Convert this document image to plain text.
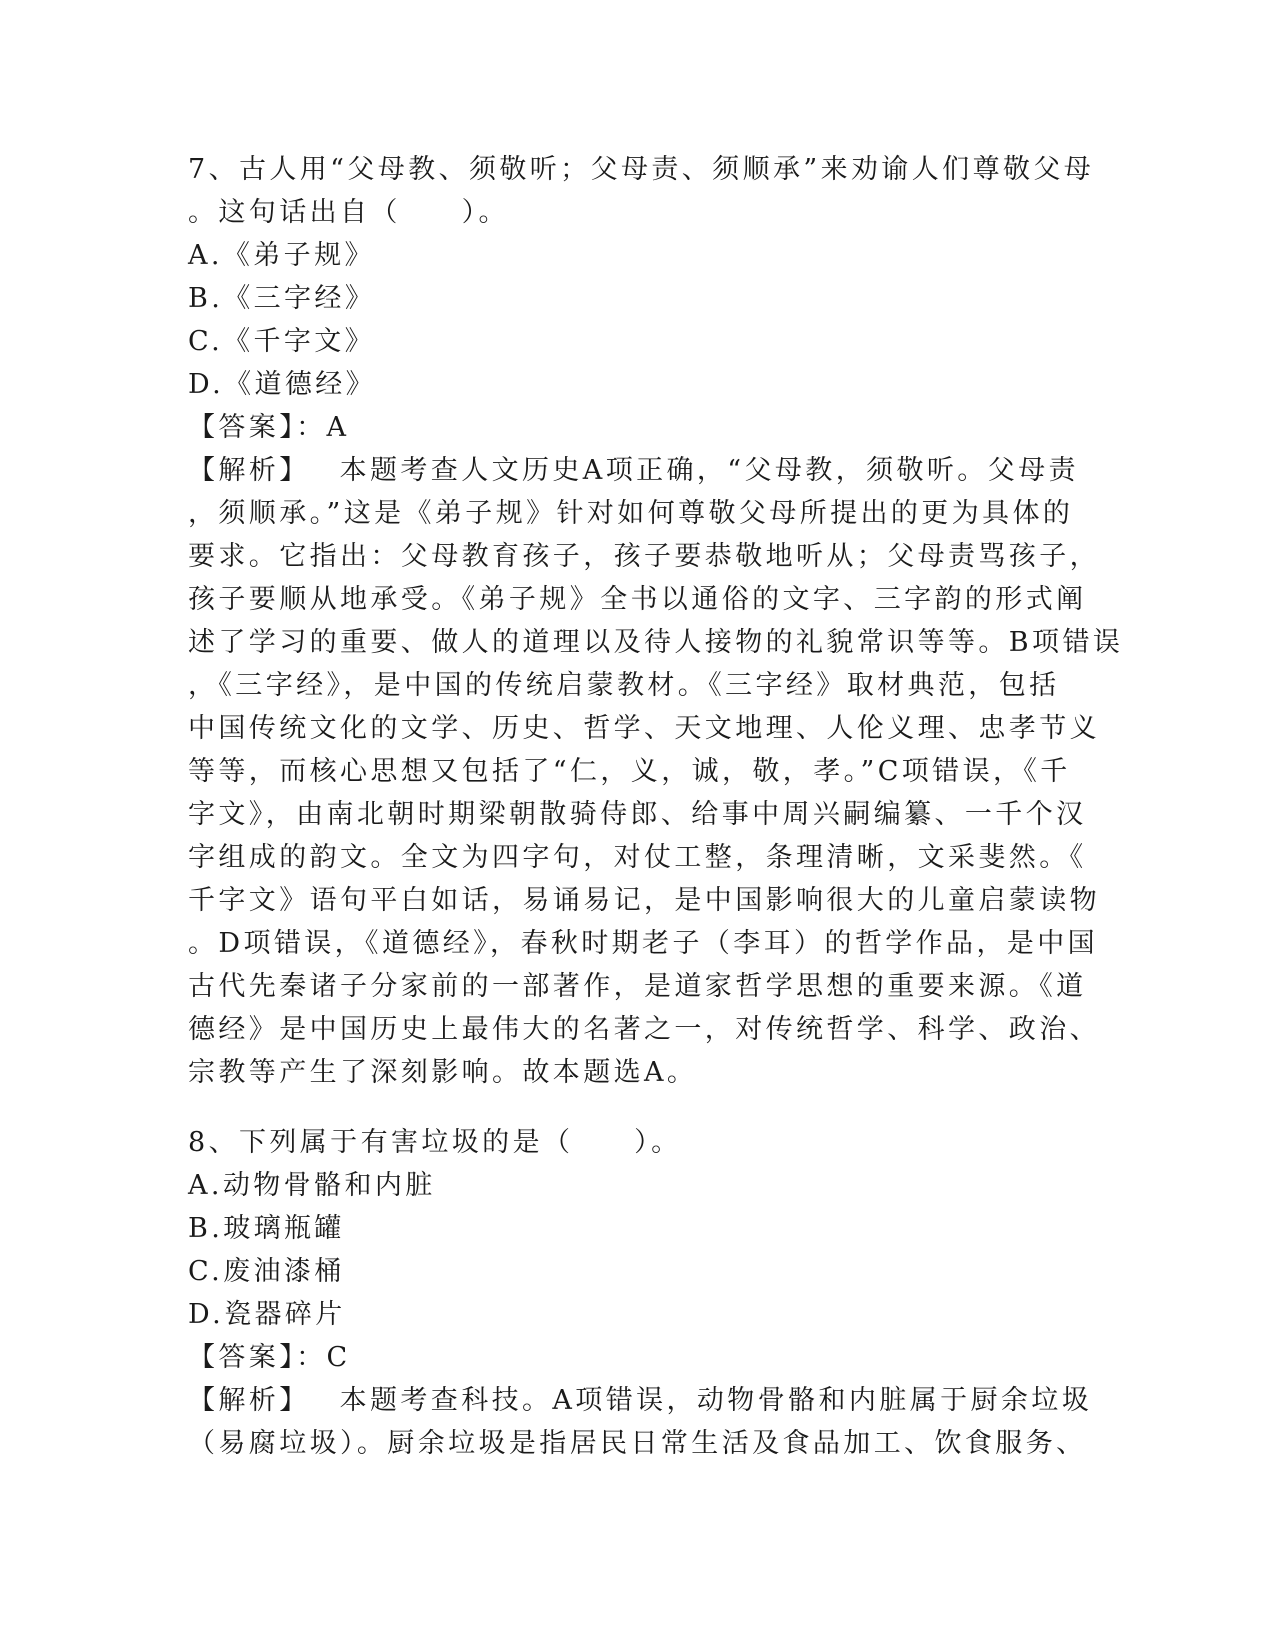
7、古人用“父母教、须敬听；父母责、须顺承”来劝谕人们尊敬父母
。这句话出自（　　）。
A.《弟子规》
B.《三字经》
C.《千字文》
D.《道德经》
【答案】：A
【解析】 本题考查人文历史A项正确，“父母教，须敬听。父母责
，须顺承。”这是《弟子规》针对如何尊敬父母所提出的更为具体的
要求。它指出：父母教育孩子，孩子要恭敬地听从；父母责骂孩子，
孩子要顺从地承受。《弟子规》全书以通俗的文字、三字韵的形式阐
述了学习的重要、做人的道理以及待人接物的礼貌常识等等。B项错误
，《三字经》，是中国的传统启蒙教材。《三字经》取材典范，包括
中国传统文化的文学、历史、哲学、天文地理、人伦义理、忠孝节义
等等，而核心思想又包括了“仁，义，诚，敬，孝。”C项错误，《千
字文》，由南北朝时期梁朝散骑侍郎、给事中周兴嗣编纂、一千个汉
字组成的韵文。全文为四字句，对仗工整，条理清晰，文采斐然。《
千字文》语句平白如话，易诵易记，是中国影响很大的儿童启蒙读物
。D项错误，《道德经》，春秋时期老子（李耳）的哲学作品，是中国
古代先秦诸子分家前的一部著作，是道家哲学思想的重要来源。《道
德经》是中国历史上最伟大的名著之一，对传统哲学、科学、政治、
宗教等产生了深刻影响。故本题选A。
8、下列属于有害垃圾的是（　　）。
A.动物骨骼和内脏
B.玻璃瓶罐
C.废油漆桶
D.瓷器碎片
【答案】：C
【解析】 本题考查科技。A项错误，动物骨骼和内脏属于厨余垃圾
（易腐垃圾）。厨余垃圾是指居民日常生活及食品加工、饮食服务、
